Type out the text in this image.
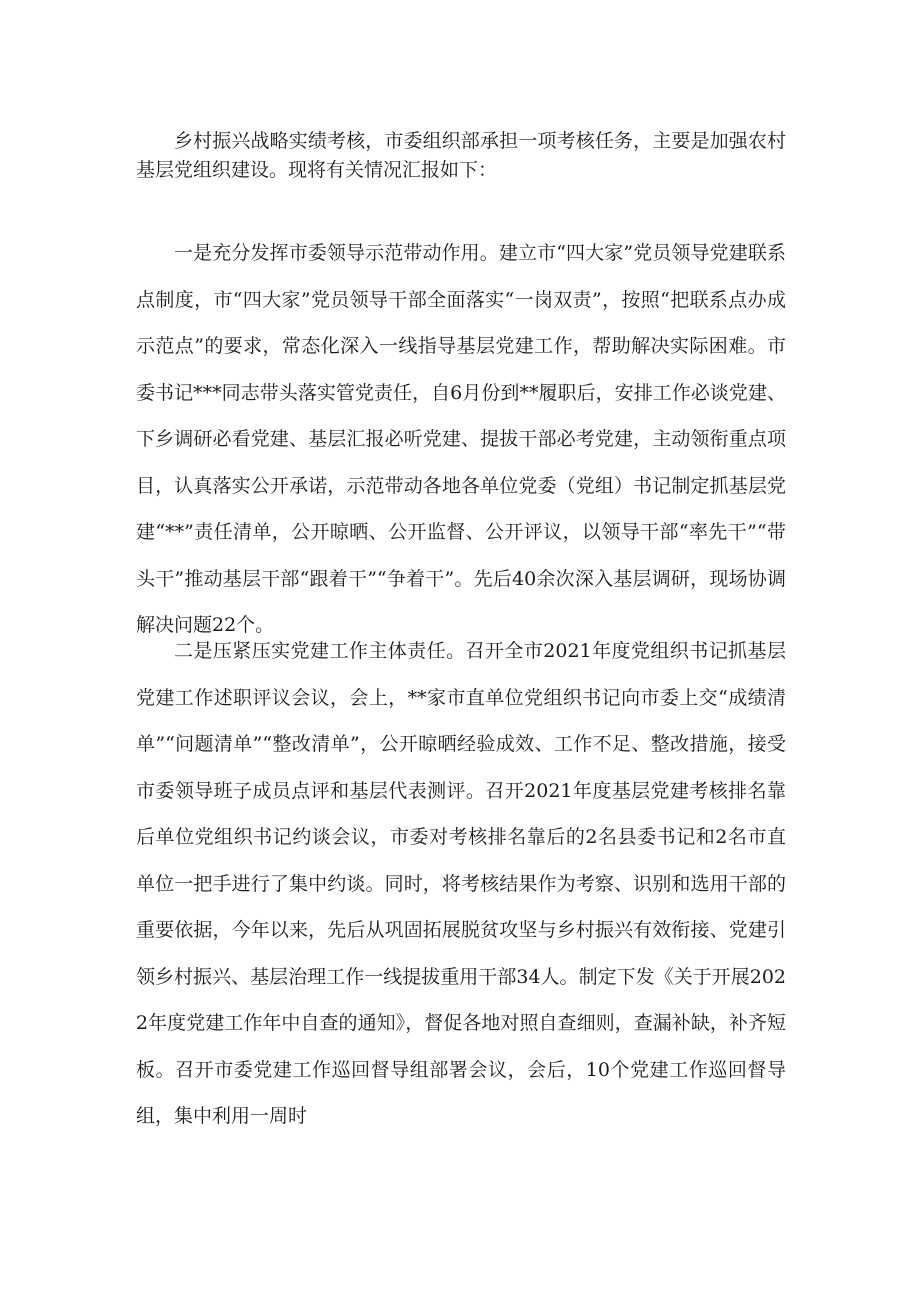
乡村振兴战略实绩考核，市委组织部承担一项考核任务，主要是加强农村基层党组织建设。现将有关情况汇报如下：

一是充分发挥市委领导示范带动作用。建立市“四大家”党员领导党建联系点制度，市“四大家”党员领导干部全面落实“一岗双责”，按照“把联系点办成示范点”的要求，常态化深入一线指导基层党建工作，帮助解决实际困难。市委书记***同志带头落实管党责任，自6月份到**履职后，安排工作必谈党建、下乡调研必看党建、基层汇报必听党建、提拔干部必考党建，主动领衔重点项目，认真落实公开承诺，示范带动各地各单位党委（党组）书记制定抓基层党建“**”责任清单，公开晾晒、公开监督、公开评议，以领导干部“率先干”“带头干”推动基层干部“跟着干”“争着干”。先后40余次深入基层调研，现场协调解决问题22个。

二是压紧压实党建工作主体责任。召开全市2021年度党组织书记抓基层党建工作述职评议会议，会上，**家市直单位党组织书记向市委上交“成绩清单”“问题清单”“整改清单”，公开晾晒经验成效、工作不足、整改措施，接受市委领导班子成员点评和基层代表测评。召开2021年度基层党建考核排名靠后单位党组织书记约谈会议，市委对考核排名靠后的2名县委书记和2名市直单位一把手进行了集中约谈。同时，将考核结果作为考察、识别和选用干部的重要依据，今年以来，先后从巩固拓展脱贫攻坚与乡村振兴有效衔接、党建引领乡村振兴、基层治理工作一线提拔重用干部34人。制定下发《关于开展2022年度党建工作年中自查的通知》，督促各地对照自查细则，查漏补缺，补齐短板。召开市委党建工作巡回督导组部署会议，会后，10个党建工作巡回督导组，集中利用一周时
